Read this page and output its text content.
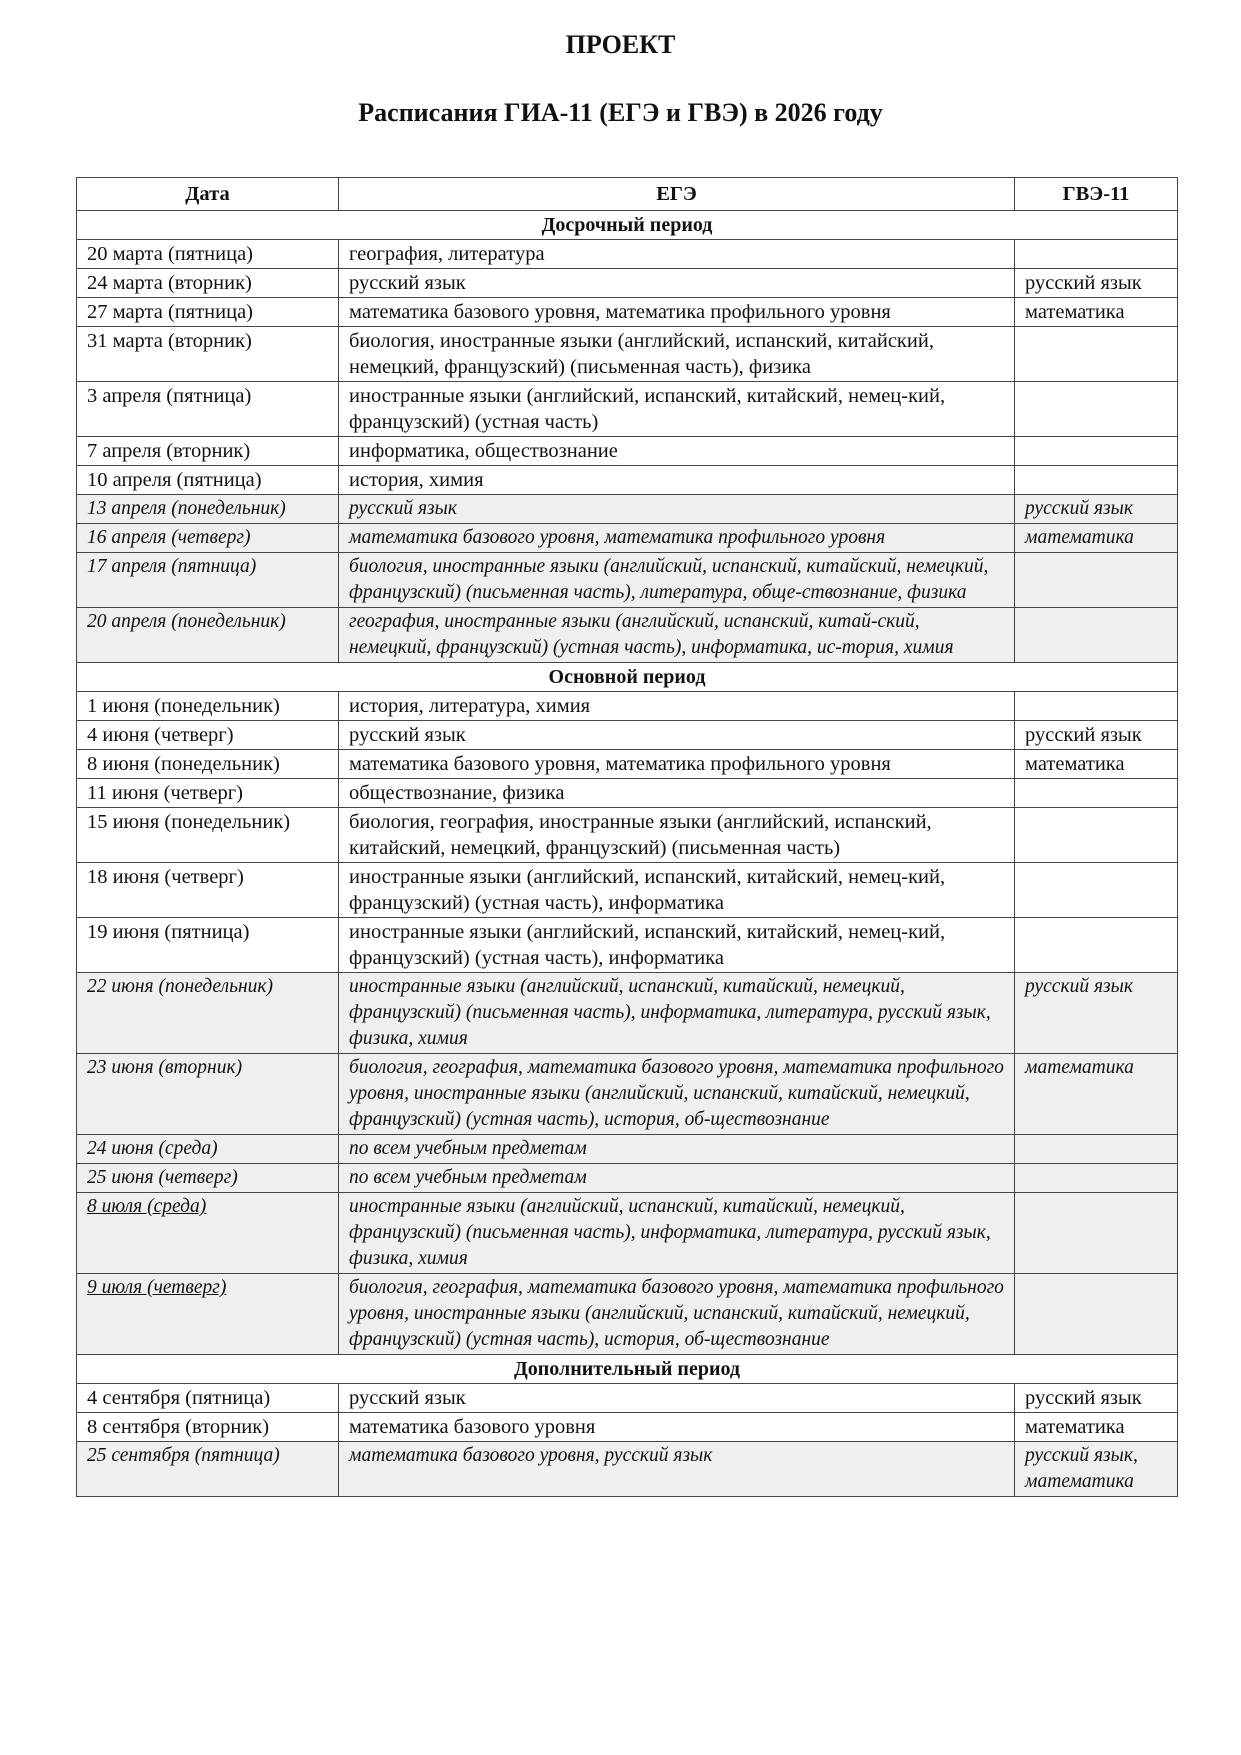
ПРОЕКТ
Расписания ГИА-11 (ЕГЭ и ГВЭ) в 2026 году
Дата	ЕГЭ	ГВЭ-11
Досрочный период		
20 марта (пятница)	география, литература	
24 марта (вторник)	русский язык	русский язык
27 марта (пятница)	математика базового уровня, математика профильного уровня	математика
31 марта (вторник)	биология, иностранные языки (английский, испанский, китайский, немецкий, французский) (письменная часть), физика	
3 апреля (пятница)	иностранные языки (английский, испанский, китайский, немец-кий, французский) (устная часть)	
7 апреля (вторник)	информатика, обществознание	
10 апреля (пятница)	история, химия	
13 апреля (понедельник)	русский язык	русский язык
16 апреля (четверг)	математика базового уровня, математика профильного уровня	математика
17 апреля (пятница)	биология, иностранные языки (английский, испанский, китайский, немецкий, французский) (письменная часть), литература, обще-ствознание, физика	
20 апреля (понедельник)	география, иностранные языки (английский, испанский, китай-ский, немецкий, французский) (устная часть), информатика, ис-тория, химия	
Основной период		
1 июня (понедельник)	история, литература, химия	
4 июня (четверг)	русский язык	русский язык
8 июня (понедельник)	математика базового уровня, математика профильного уровня	математика
11 июня (четверг)	обществознание, физика	
15 июня (понедельник)	биология, география, иностранные языки (английский, испанский, китайский, немецкий, французский) (письменная часть)	
18 июня (четверг)	иностранные языки (английский, испанский, китайский, немец-кий, французский) (устная часть), информатика	
19 июня (пятница)	иностранные языки (английский, испанский, китайский, немец-кий, французский) (устная часть), информатика	
22 июня (понедельник)	иностранные языки (английский, испанский, китайский, немецкий, французский) (письменная часть), информатика, литература, русский язык, физика, химия	русский язык
23 июня (вторник)	биология, география, математика базового уровня, математика профильного уровня, иностранные языки (английский, испанский, китайский, немецкий, французский) (устная часть), история, об-ществознание	математика
24 июня (среда)	по всем учебным предметам	
25 июня (четверг)	по всем учебным предметам	
8 июля (среда)	иностранные языки (английский, испанский, китайский, немецкий, французский) (письменная часть), информатика, литература, русский язык, физика, химия	
9 июля (четверг)	биология, география, математика базового уровня, математика профильного уровня, иностранные языки (английский, испанский, китайский, немецкий, французский) (устная часть), история, об-ществознание	
Дополнительный период		
4 сентября (пятница)	русский язык	русский язык
8 сентября (вторник)	математика базового уровня	математика
25 сентября (пятница)	математика базового уровня, русский язык	русский язык, математика
